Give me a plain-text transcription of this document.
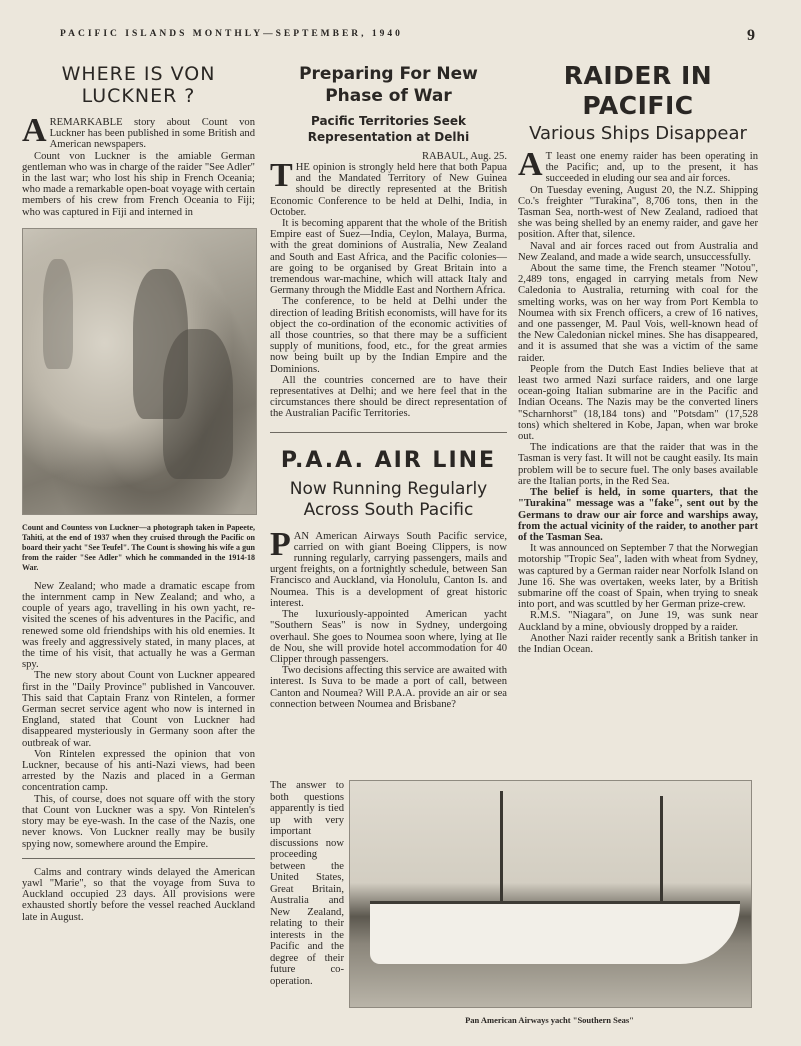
PACIFIC ISLANDS MONTHLY—SEPTEMBER, 1940	9
WHERE IS VON LUCKNER ?

AREMARKABLE story about Count von Luckner has been published in some British and American newspapers.

Count von Luckner is the amiable German gentleman who was in charge of the raider "See Adler" in the last war; who lost his ship in French Oceania; who made a remarkable open-boat voyage with certain members of his crew from French Oceania to Fiji; who was captured in Fiji and interned in

Count and Countess von Luckner—a photograph taken in Papeete, Tahiti, at the end of 1937 when they cruised through the Pacific on board their yacht "See Teufel". The Count is showing his wife a gun from the raider "See Adler" which he commanded in the 1914-18 War.

New Zealand; who made a dramatic escape from the internment camp in New Zealand; and who, a couple of years ago, travelling in his own yacht, re-visited the scenes of his adventures in the Pacific, and renewed some old friendships with his old enemies. It was freely and aggressively stated, in many places, at the time of his visit, that actually he was a German spy.

The new story about Count von Luckner appeared first in the "Daily Province" published in Vancouver. This said that Captain Franz von Rintelen, a former German secret service agent who now is interned in England, stated that Count von Luckner had disappeared mysteriously in Germany soon after the outbreak of war.

Von Rintelen expressed the opinion that von Luckner, because of his anti-Nazi views, had been arrested by the Nazis and placed in a German concentration camp.

This, of course, does not square off with the story that Count von Luckner was a spy. Von Rintelen's story may be eye-wash. In the case of the Nazis, one never knows. Von Luckner really may be busily spying now, somewhere around the Empire.

Calms and contrary winds delayed the American yawl "Marie", so that the voyage from Suva to Auckland occupied 23 days. All provisions were exhausted shortly before the vessel reached Auckland late in August.

Preparing For New Phase of War
Pacific Territories Seek Representation at Delhi
RABAUL, Aug. 25.

THE opinion is strongly held here that both Papua and the Mandated Territory of New Guinea should be directly represented at the British Economic Conference to be held at Delhi, India, in October.

It is becoming apparent that the whole of the British Empire east of Suez—India, Ceylon, Malaya, Burma, with the great dominions of Australia, New Zealand and South and East Africa, and the Pacific colonies—are going to be organised by Great Britain into a tremendous war-machine, which will attack Italy and Germany through the Middle East and Northern Africa.

The conference, to be held at Delhi under the direction of leading British economists, will have for its object the co-ordination of the economic activities of all those countries, so that there may be a sufficient supply of munitions, food, etc., for the great armies now being built up by the Indian Empire and the Dominions.

All the countries concerned are to have their representatives at Delhi; and we here feel that in the circumstances there should be direct representation of the Australian Pacific Territories.

P.A.A. AIR LINE
Now Running Regularly Across South Pacific

PAN American Airways South Pacific service, carried on with giant Boeing Clippers, is now running regularly, carrying passengers, mails and urgent freights, on a fortnightly schedule, between San Francisco and Auckland, via Honolulu, Canton Is. and Noumea. This is a development of great historic interest.

The luxuriously-appointed American yacht "Southern Seas" is now in Sydney, undergoing overhaul. She goes to Noumea soon where, lying at Ile de Nou, she will provide hotel accommodation for 40 Clipper through passengers.

Two decisions affecting this service are awaited with interest. Is Suva to be made a port of call, between Canton and Noumea? Will P.A.A. provide an air or sea connection between Noumea and Brisbane?

The answer to both questions apparently is tied up with very important discussions now proceeding between the United States, Great Britain, Australia and New Zealand, relating to their interests in the Pacific and the degree of their future co-operation.

RAIDER IN PACIFIC
Various Ships Disappear

A T least one enemy raider has been operating in the Pacific; and, up to the present, it has succeeded in eluding our sea and air forces.

On Tuesday evening, August 20, the N.Z. Shipping Co.'s freighter "Turakina", 8,706 tons, then in the Tasman Sea, north-west of New Zealand, radioed that she was being shelled by an enemy raider, and gave her position. After that, silence.

Naval and air forces raced out from Australia and New Zealand, and made a wide search, unsuccessfully.

About the same time, the French steamer "Notou", 2,489 tons, engaged in carrying metals from New Caledonia to Australia, returning with coal for the smelting works, was on her way from Port Kembla to Noumea with six French officers, a crew of 16 natives, and one passenger, M. Paul Vois, well-known head of the New Caledonian nickel mines. She has disappeared, and it is assumed that she was a victim of the same raider.

People from the Dutch East Indies believe that at least two armed Nazi surface raiders, and one large ocean-going Italian submarine are in the Pacific and Indian Oceans. The Nazis may be the converted liners "Scharnhorst" (18,184 tons) and "Potsdam" (17,528 tons) which sheltered in Kobe, Japan, when war broke out.

The indications are that the raider that was in the Tasman is very fast. It will not be caught easily. Its main problem will be to secure fuel. The only bases available are the Italian ports, in the Red Sea.

The belief is held, in some quarters, that the "Turakina" message was a "fake", sent out by the Germans to draw our air force and warships away, from the actual vicinity of the raider, to another part of the Tasman Sea.

It was announced on September 7 that the Norwegian motorship "Tropic Sea", laden with wheat from Sydney, was captured by a German raider near Norfolk Island on June 16. She was overtaken, weeks later, by a British submarine off the coast of Spain, when trying to sneak into port, and was scuttled by her German prize-crew.

R.M.S. "Niagara", on June 19, was sunk near Auckland by a mine, obviously dropped by a raider.

Another Nazi raider recently sank a British tanker in the Indian Ocean.

Pan American Airways yacht "Southern Seas"
